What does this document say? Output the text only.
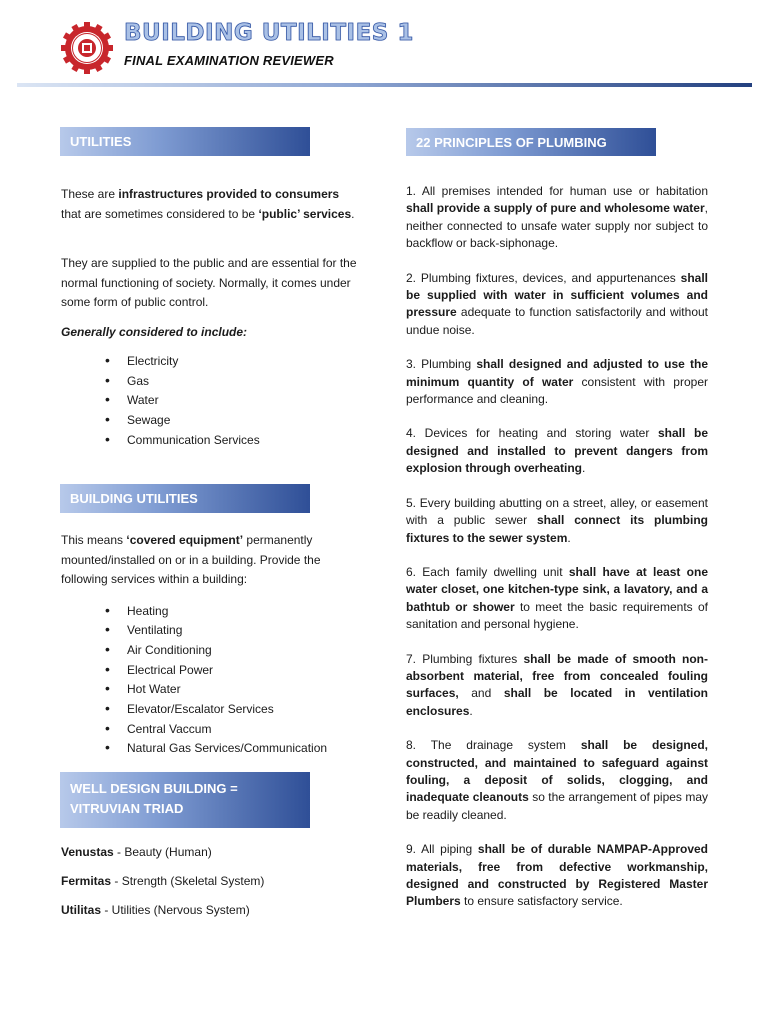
BUILDING UTILITIES 1
FINAL EXAMINATION REVIEWER
UTILITIES

These are infrastructures provided to consumers that are sometimes considered to be ‘public’ services.

They are supplied to the public and are essential for the normal functioning of society. Normally, it comes under some form of public control.

Generally considered to include:

• Electricity
• Gas
• Water
• Sewage
• Communication Services
BUILDING UTILITIES

This means ‘covered equipment’ permanently mounted/installed on or in a building. Provide the following services within a building:

• Heating
• Ventilating
• Air Conditioning
• Electrical Power
• Hot Water
• Elevator/Escalator Services
• Central Vaccum
• Natural Gas Services/Communication
WELL DESIGN BUILDING =
VITRUVIAN TRIAD

Venustas - Beauty (Human)

Fermitas - Strength (Skeletal System)

Utilitas - Utilities (Nervous System)

22 PRINCIPLES OF PLUMBING

1. All premises intended for human use or habitation shall provide a supply of pure and wholesome water, neither connected to unsafe water supply nor subject to backflow or back-siphonage.

2. Plumbing fixtures, devices, and appurtenances shall be supplied with water in sufficient volumes and pressure adequate to function satisfactorily and without undue noise.

3. Plumbing shall designed and adjusted to use the minimum quantity of water consistent with proper performance and cleaning.

4. Devices for heating and storing water shall be designed and installed to prevent dangers from explosion through overheating.

5. Every building abutting on a street, alley, or easement with a public sewer shall connect its plumbing fixtures to the sewer system.

6. Each family dwelling unit shall have at least one water closet, one kitchen-type sink, a lavatory, and a bathtub or shower to meet the basic requirements of sanitation and personal hygiene.

7. Plumbing fixtures shall be made of smooth non-absorbent material, free from concealed fouling surfaces, and shall be located in ventilation enclosures.

8. The drainage system shall be designed, constructed, and maintained to safeguard against fouling, a deposit of solids, clogging, and inadequate cleanouts so the arrangement of pipes may be readily cleaned.

9. All piping shall be of durable NAMPAP-Approved materials, free from defective workmanship, designed and constructed by Registered Master Plumbers to ensure satisfactory service.
